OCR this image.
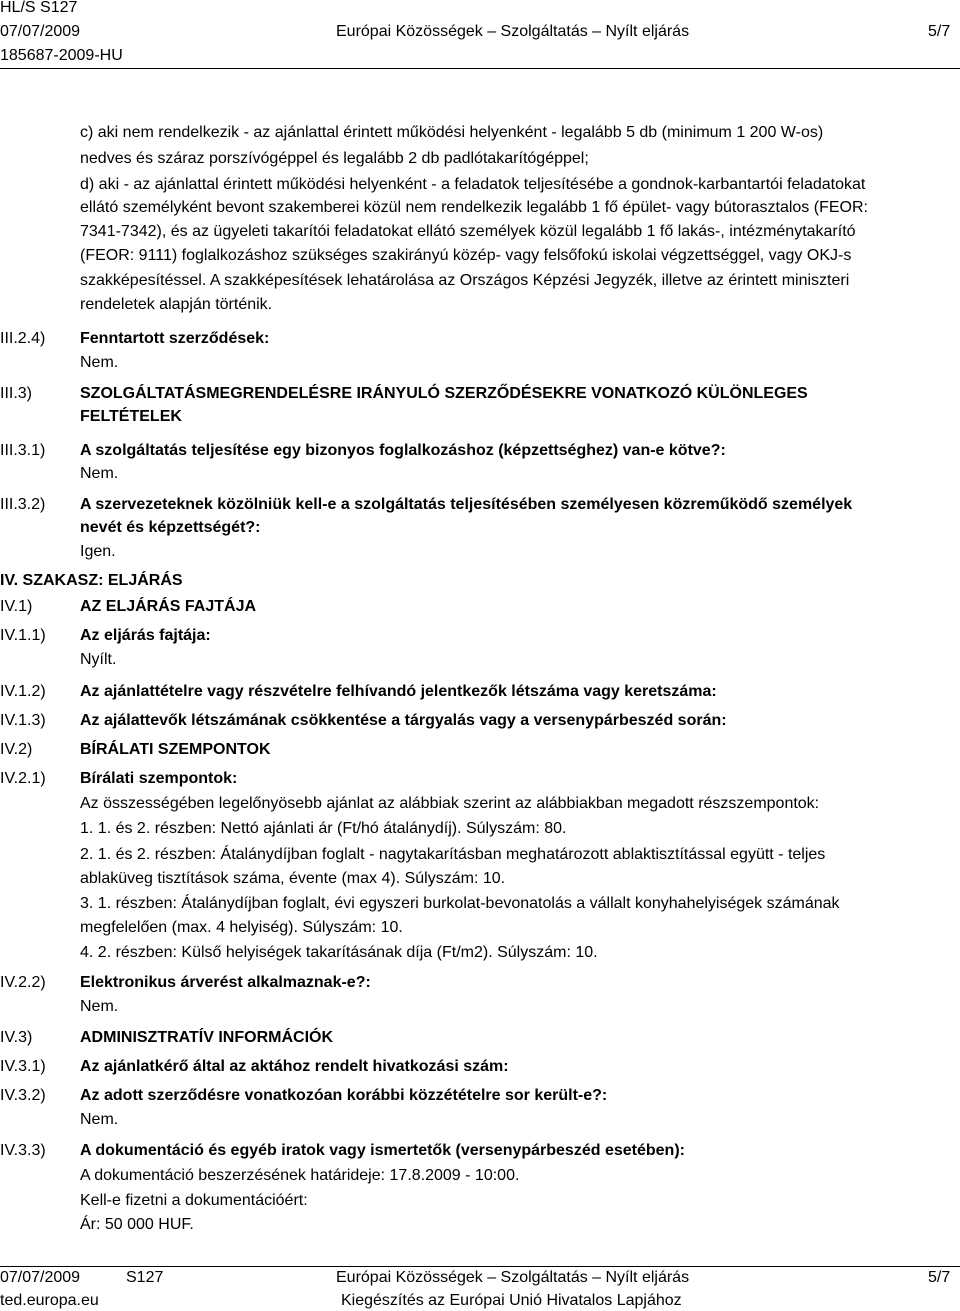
HL/S S127
07/07/2009	Európai Közösségek – Szolgáltatás – Nyílt eljárás	5/7
185687-2009-HU
c) aki nem rendelkezik - az ajánlattal érintett működési helyenként - legalább 5 db (minimum 1 200 W-os)
nedves és száraz porszívógéppel és legalább 2 db padlótakarítógéppel;
d) aki - az ajánlattal érintett működési helyenként - a feladatok teljesítésébe a gondnok-karbantartói feladatokat
ellátó személyként bevont szakemberei közül nem rendelkezik legalább 1 fő épület- vagy bútorasztalos (FEOR:
7341-7342), és az ügyeleti takarítói feladatokat ellátó személyek közül legalább 1 fő lakás-, intézménytakarító
(FEOR: 9111) foglalkozáshoz szükséges szakirányú közép- vagy felsőfokú iskolai végzettséggel, vagy OKJ-s
szakképesítéssel. A szakképesítések lehatárolása az Országos Képzési Jegyzék, illetve az érintett miniszteri
rendeletek alapján történik.
III.2.4) Fenntartott szerződések:
Nem.
III.3)	SZOLGÁLTATÁSMEGRENDELÉSRE IRÁNYULÓ SZERZŐDÉSEKRE VONATKOZÓ KÜLÖNLEGES
FELTÉTELEK
III.3.1) A szolgáltatás teljesítése egy bizonyos foglalkozáshoz (képzettséghez) van-e kötve?:
Nem.
III.3.2) A szervezeteknek közölniük kell-e a szolgáltatás teljesítésében személyesen közreműködő személyek
nevét és képzettségét?:
Igen.
IV. SZAKASZ: ELJÁRÁS
IV.1)	AZ ELJÁRÁS FAJTÁJA
IV.1.1) Az eljárás fajtája:
Nyílt.
IV.1.2) Az ajánlattételre vagy részvételre felhívandó jelentkezők létszáma vagy keretszáma:
IV.1.3) Az ajálattevők létszámának csökkentése a tárgyalás vagy a versenypárbeszéd során:
IV.2)	BÍRÁLATI SZEMPONTOK
IV.2.1) Bírálati szempontok:
Az összességében legelőnyösebb ajánlat az alábbiak szerint az alábbiakban megadott részszempontok:
1. 1. és 2. részben: Nettó ajánlati ár (Ft/hó átalánydíj). Súlyszám: 80.
2. 1. és 2. részben: Átalánydíjban foglalt - nagytakarításban meghatározott ablaktisztítással együtt - teljes
ablaküveg tisztítások száma, évente (max 4). Súlyszám: 10.
3. 1. részben: Átalánydíjban foglalt, évi egyszeri burkolat-bevonatolás a vállalt konyhahelyiségek számának
megfelelően (max. 4 helyiség). Súlyszám: 10.
4. 2. részben: Külső helyiségek takarításának díja (Ft/m2). Súlyszám: 10.
IV.2.2) Elektronikus árverést alkalmaznak-e?:
Nem.
IV.3)	ADMINISZTRATÍV INFORMÁCIÓK
IV.3.1) Az ajánlatkérő által az aktához rendelt hivatkozási szám:
IV.3.2) Az adott szerződésre vonatkozóan korábbi közzétételre sor került-e?:
Nem.
IV.3.3) A dokumentáció és egyéb iratok vagy ismertetők (versenypárbeszéd esetében):
A dokumentáció beszerzésének határideje: 17.8.2009 - 10:00.
Kell-e fizetni a dokumentációért:
Ár: 50 000 HUF.
07/07/2009	S127	Európai Közösségek – Szolgáltatás – Nyílt eljárás	5/7
ted.europa.eu	Kiegészítés az Európai Unió Hivatalos Lapjához
